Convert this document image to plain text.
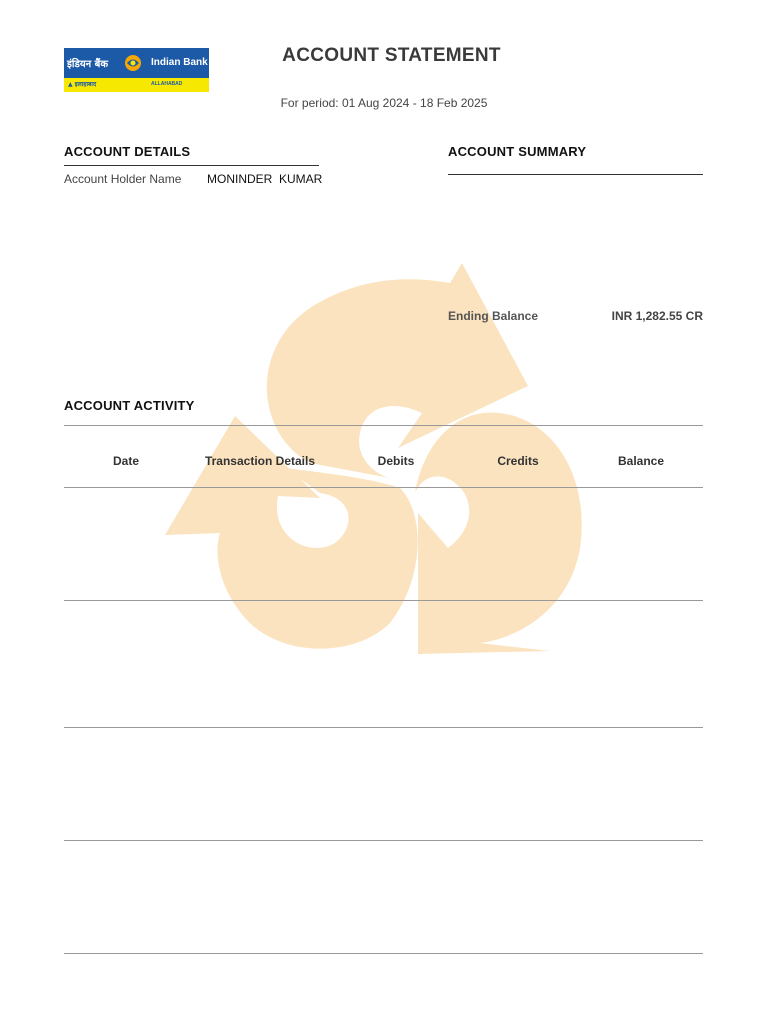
इंडियन बैंक	Indian Bank
▲ इलाहाबाद	ALLAHABAD
ACCOUNT STATEMENT
For period: 01 Aug 2024 - 18 Feb 2025
ACCOUNT DETAILS
Account Holder Name MONINDER  KUMAR
ACCOUNT SUMMARY
Ending Balance	INR 1,282.55 CR
ACCOUNT ACTIVITY
Date	Transaction Details	Debits	Credits	Balance
